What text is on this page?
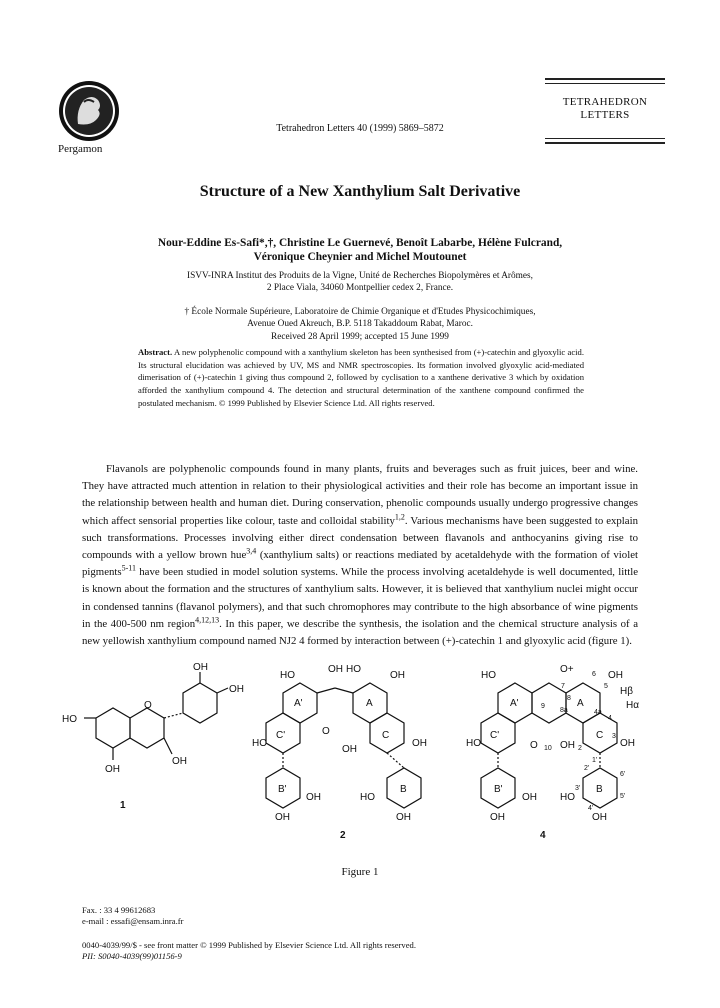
Pergamon
Tetrahedron Letters 40 (1999) 5869–5872
TETRAHEDRON
LETTERS
Structure of a New Xanthylium Salt Derivative
Nour-Eddine Es-Safi*,†, Christine Le Guernevé, Benoît Labarbe, Hélène Fulcrand,
Véronique Cheynier and Michel Moutounet
ISVV-INRA Institut des Produits de la Vigne, Unité de Recherches Biopolymères et Arômes,
2 Place Viala, 34060 Montpellier cedex 2, France.
† École Normale Supérieure, Laboratoire de Chimie Organique et d'Etudes Physicochimiques,
Avenue Oued Akreuch, B.P. 5118 Takaddoum Rabat, Maroc.
Received 28 April 1999; accepted 15 June 1999
Abstract. A new polyphenolic compound with a xanthylium skeleton has been synthesised from (+)-catechin and glyoxylic acid. Its structural elucidation was achieved by UV, MS and NMR spectroscopies. Its formation involved glyoxylic acid-mediated dimerisation of (+)-catechin 1 giving thus compound 2, followed by cyclisation to a xanthene derivative 3 which by oxidation afforded the xanthylium compound 4. The detection and structural determination of the xanthene compound confirmed the postulated mechanism. © 1999 Published by Elsevier Science Ltd. All rights reserved.
Flavanols are polyphenolic compounds found in many plants, fruits and beverages such as fruit juices, beer and wine. They have attracted much attention in relation to their physiological activities and their role has become an important issue in the relationship between health and human diet. During conservation, phenolic compounds usually undergo progressive changes which affect sensorial properties like colour, taste and colloidal stability$^{1,2}$. Various mechanisms have been suggested to explain such transformations. Processes involving either direct condensation between flavanols and anthocyanins giving rise to compounds with a yellow brown hue$^{3,4}$ (xanthylium salts) or reactions mediated by acetaldehyde with the formation of violet pigments$^{5-11}$ have been studied in model solution systems. While the process involving acetaldehyde is well documented, little is known about the formation and the structures of xanthylium salts. However, it is believed that xanthylium nuclei might occur in condensed tannins (flavanol polymers), and that such chromophores may contribute to the high absorbance of wine pigments in the 400-500 nm region$^{4,12,13}$. In this paper, we describe the synthesis, the isolation and the chemical structure analysis of a new yellowish xanthylium compound named NJ2 4 formed by interaction between (+)-catechin 1 and glyoxylic acid (figure 1).
OH
OH
HO
O
OH
OH
1
HO
OH HO
OH
A'	A
C'	C
O
OH
HO	OH
B'	B
OH	HO
OH	OH
2
HO
O+
OH
A'	A
C'	C
Hβ
Hα
HO	O OH	OH
6
5
7
8
8a
9
4a
4
3
2
10
1'
2'
6'
3'
5'
4'
B'	B
OH HO
OH	OH
4
Figure 1
Fax. : 33 4 99612683
e-mail : essafi@ensam.inra.fr
0040-4039/99/$ - see front matter © 1999 Published by Elsevier Science Ltd. All rights reserved.
PII: S0040-4039(99)01156-9
